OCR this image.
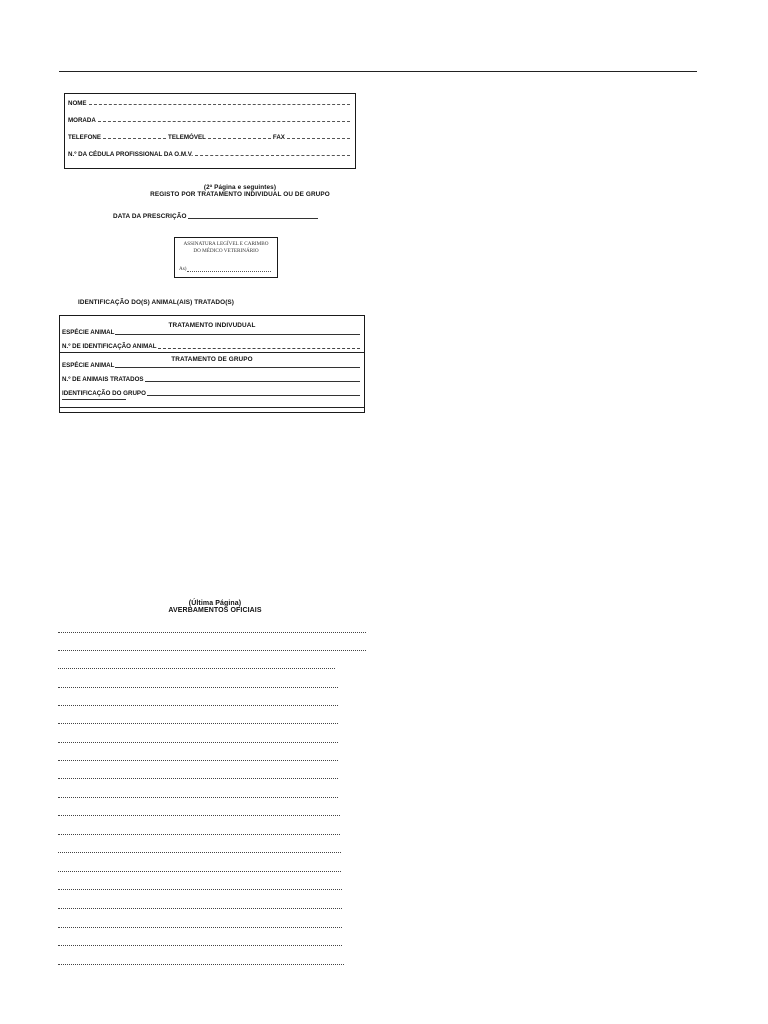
NOME
MORADA
TELEFONE	TELEMÓVEL	FAX
N.º DA CÉDULA PROFISSIONAL DA O.M.V.
(2ª Página e seguintes)
REGISTO POR TRATAMENTO INDIVIDUAL OU DE GRUPO
DATA DA PRESCRIÇÃO
ASSINATURA LEGÍVEL E CARIMBO
DO MÉDICO VETERINÁRIO
As)
IDENTIFICAÇÃO DO(S) ANIMAL(AIS) TRATADO(S)
TRATAMENTO INDIVUDUAL
ESPÉCIE ANIMAL
N.º DE IDENTIFICAÇÃO ANIMAL
TRATAMENTO DE GRUPO
ESPÉCIE ANIMAL
N.º DE ANIMAIS TRATADOS
IDENTIFICAÇÃO DO GRUPO
(Última Página)
AVERBAMENTOS OFICIAIS
